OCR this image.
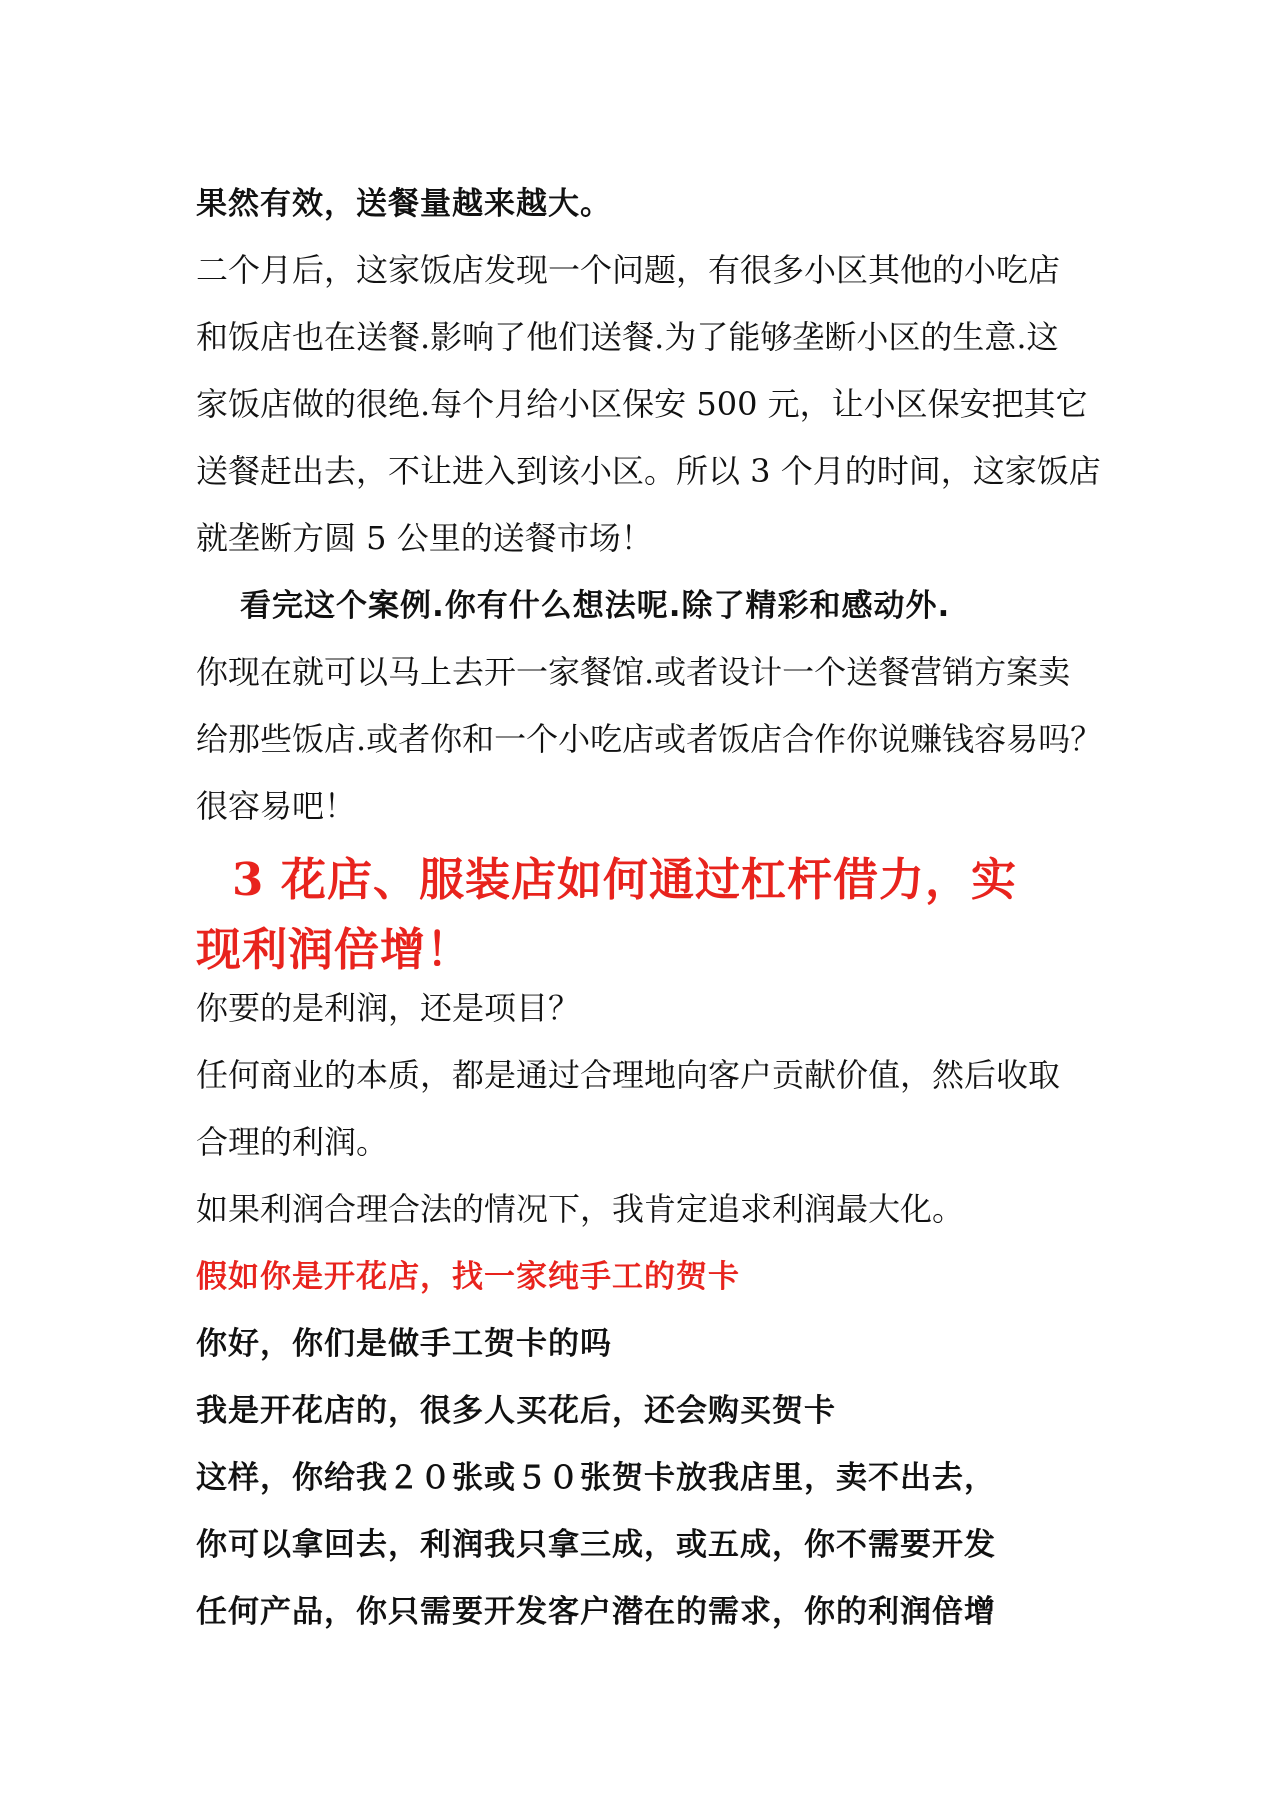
果然有效，送餐量越来越大。
二个月后，这家饭店发现一个问题，有很多小区其他的小吃店
和饭店也在送餐.影响了他们送餐.为了能够垄断小区的生意.这
家饭店做的很绝.每个月给小区保安 500 元，让小区保安把其它
送餐赶出去，不让进入到该小区。所以 3 个月的时间，这家饭店
就垄断方圆 5 公里的送餐市场！
看完这个案例.你有什么想法呢.除了精彩和感动外.
你现在就可以马上去开一家餐馆.或者设计一个送餐营销方案卖
给那些饭店.或者你和一个小吃店或者饭店合作你说赚钱容易吗？
很容易吧！
3 花店、服装店如何通过杠杆借力，实
现利润倍增！
你要的是利润，还是项目？
任何商业的本质，都是通过合理地向客户贡献价值，然后收取
合理的利润。
如果利润合理合法的情况下，我肯定追求利润最大化。
假如你是开花店，找一家纯手工的贺卡
你好，你们是做手工贺卡的吗
我是开花店的，很多人买花后，还会购买贺卡
这样，你给我２０张或５０张贺卡放我店里，卖不出去，
你可以拿回去，利润我只拿三成，或五成，你不需要开发
任何产品，你只需要开发客户潜在的需求，你的利润倍增
